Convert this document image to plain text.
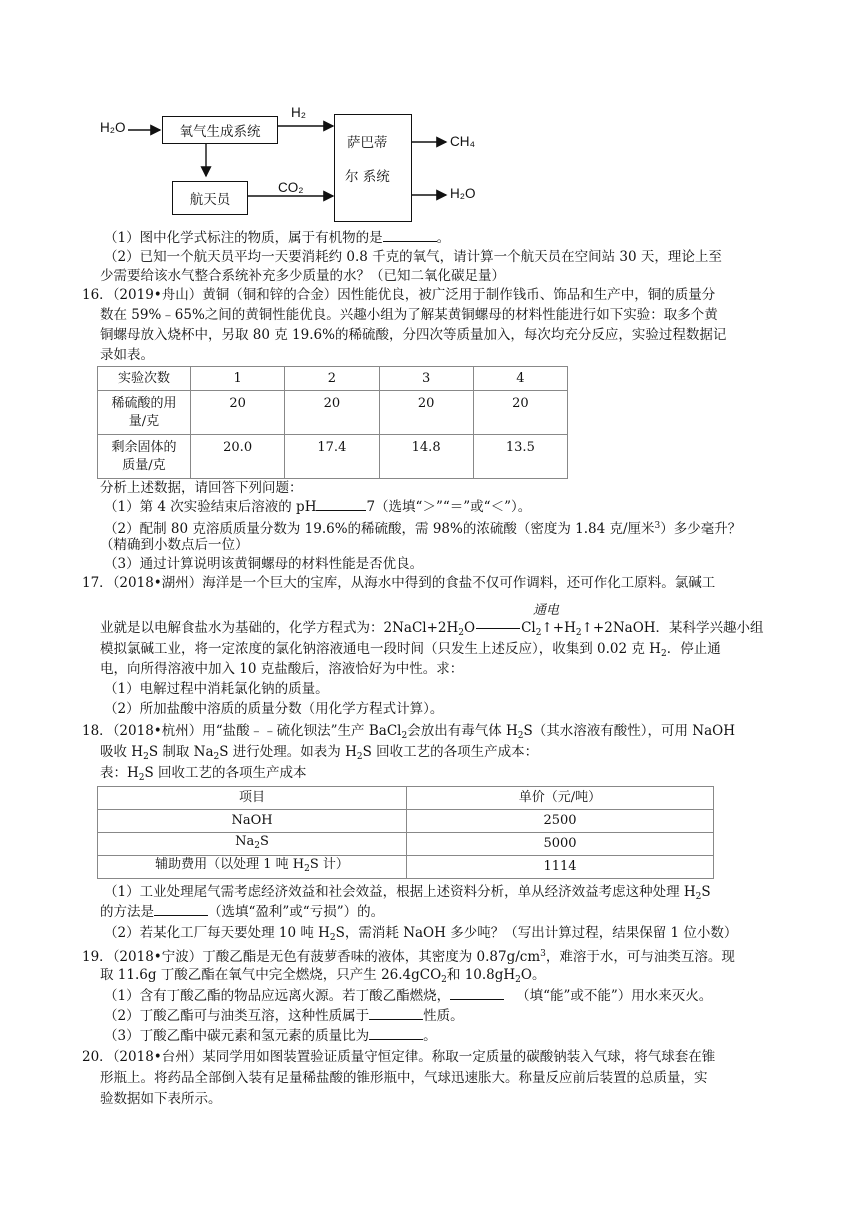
H₂O	氧气生成系统
H₂
萨巴蒂
尔 系统
航天员
CO₂
CH₄
H₂O
（1）图中化学式标注的物质，属于有机物的是	。
（2）已知一个航天员平均一天要消耗约 0.8 千克的氧气，请计算一个航天员在空间站 30 天，理论上至
少需要给该水气整合系统补充多少质量的水？（已知二氧化碳足量）
16．（2019•舟山）黄铜（铜和锌的合金）因性能优良，被广泛用于制作钱币、饰品和生产中，铜的质量分
数在 59%﹣65%之间的黄铜性能优良。兴趣小组为了解某黄铜螺母的材料性能进行如下实验：取多个黄
铜螺母放入烧杯中，另取 80 克 19.6%的稀硫酸，分四次等质量加入，每次均充分反应，实验过程数据记
录如表。
实验次数	1	2	3	4
稀硫酸的用
量/克	20	20	20	20
剩余固体的
质量/克	20.0	17.4	14.8	13.5
分析上述数据，请回答下列问题：
（1）第 4 次实验结束后溶液的 pH	7（选填“＞”“＝”或“＜”）。
（2）配制 80 克溶质质量分数为 19.6%的稀硫酸，需 98%的浓硫酸（密度为 1.84 克/厘米$^3$）多少毫升？
（精确到小数点后一位）
（3）通过计算说明该黄铜螺母的材料性能是否优良。
17．（2018•湖州）海洋是一个巨大的宝库，从海水中得到的食盐不仅可作调料，还可作化工原料。氯碱工
通电
业就是以电解食盐水为基础的，化学方程式为：$2NaCl+2H_2O$	$Cl_2↑+H_2↑+2NaOH$．某科学兴趣小组
模拟氯碱工业，将一定浓度的氯化钠溶液通电一段时间（只发生上述反应），收集到 0.02 克 $H_2$．停止通
电，向所得溶液中加入 10 克盐酸后，溶液恰好为中性。求：
（1）电解过程中消耗氯化钠的质量。
（2）所加盐酸中溶质的质量分数（用化学方程式计算）。
18．（2018•杭州）用“盐酸﹣﹣硫化钡法”生产 BaCl$_2$会放出有毒气体 $H_2S$（其水溶液有酸性），可用 NaOH
吸收 $H_2S$ 制取 $Na_2S$ 进行处理。如表为 $H_2S$ 回收工艺的各项生产成本：
表：$H_2S$ 回收工艺的各项生产成本
项目	单价（元/吨）
NaOH	2500
$Na_2S$	5000
辅助费用（以处理 1 吨 $H_2S$ 计）	1114
（1）工业处理尾气需考虑经济效益和社会效益，根据上述资料分析，单从经济效益考虑这种处理 $H_2S$
的方法是	（选填“盈利”或“亏损”）的。
（2）若某化工厂每天要处理 10 吨 $H_2S$，需消耗 NaOH 多少吨？（写出计算过程，结果保留 1 位小数）
19．（2018•宁波）丁酸乙酯是无色有菠萝香味的液体，其密度为 $0.87g/cm^3$，难溶于水，可与油类互溶。现
取 11.6g 丁酸乙酯在氧气中完全燃烧，只产生 26.4gCO$_2$和 $10.8gH_2O$。
（1）含有丁酸乙酯的物品应远离火源。若丁酸乙酯燃烧，	（填“能”或不能”）用水来灭火。
（2）丁酸乙酯可与油类互溶，这种性质属于	性质。
（3）丁酸乙酯中碳元素和氢元素的质量比为	。
20．（2018•台州）某同学用如图装置验证质量守恒定律。称取一定质量的碳酸钠装入气球，将气球套在锥
形瓶上。将药品全部倒入装有足量稀盐酸的锥形瓶中，气球迅速胀大。称量反应前后装置的总质量，实
验数据如下表所示。
